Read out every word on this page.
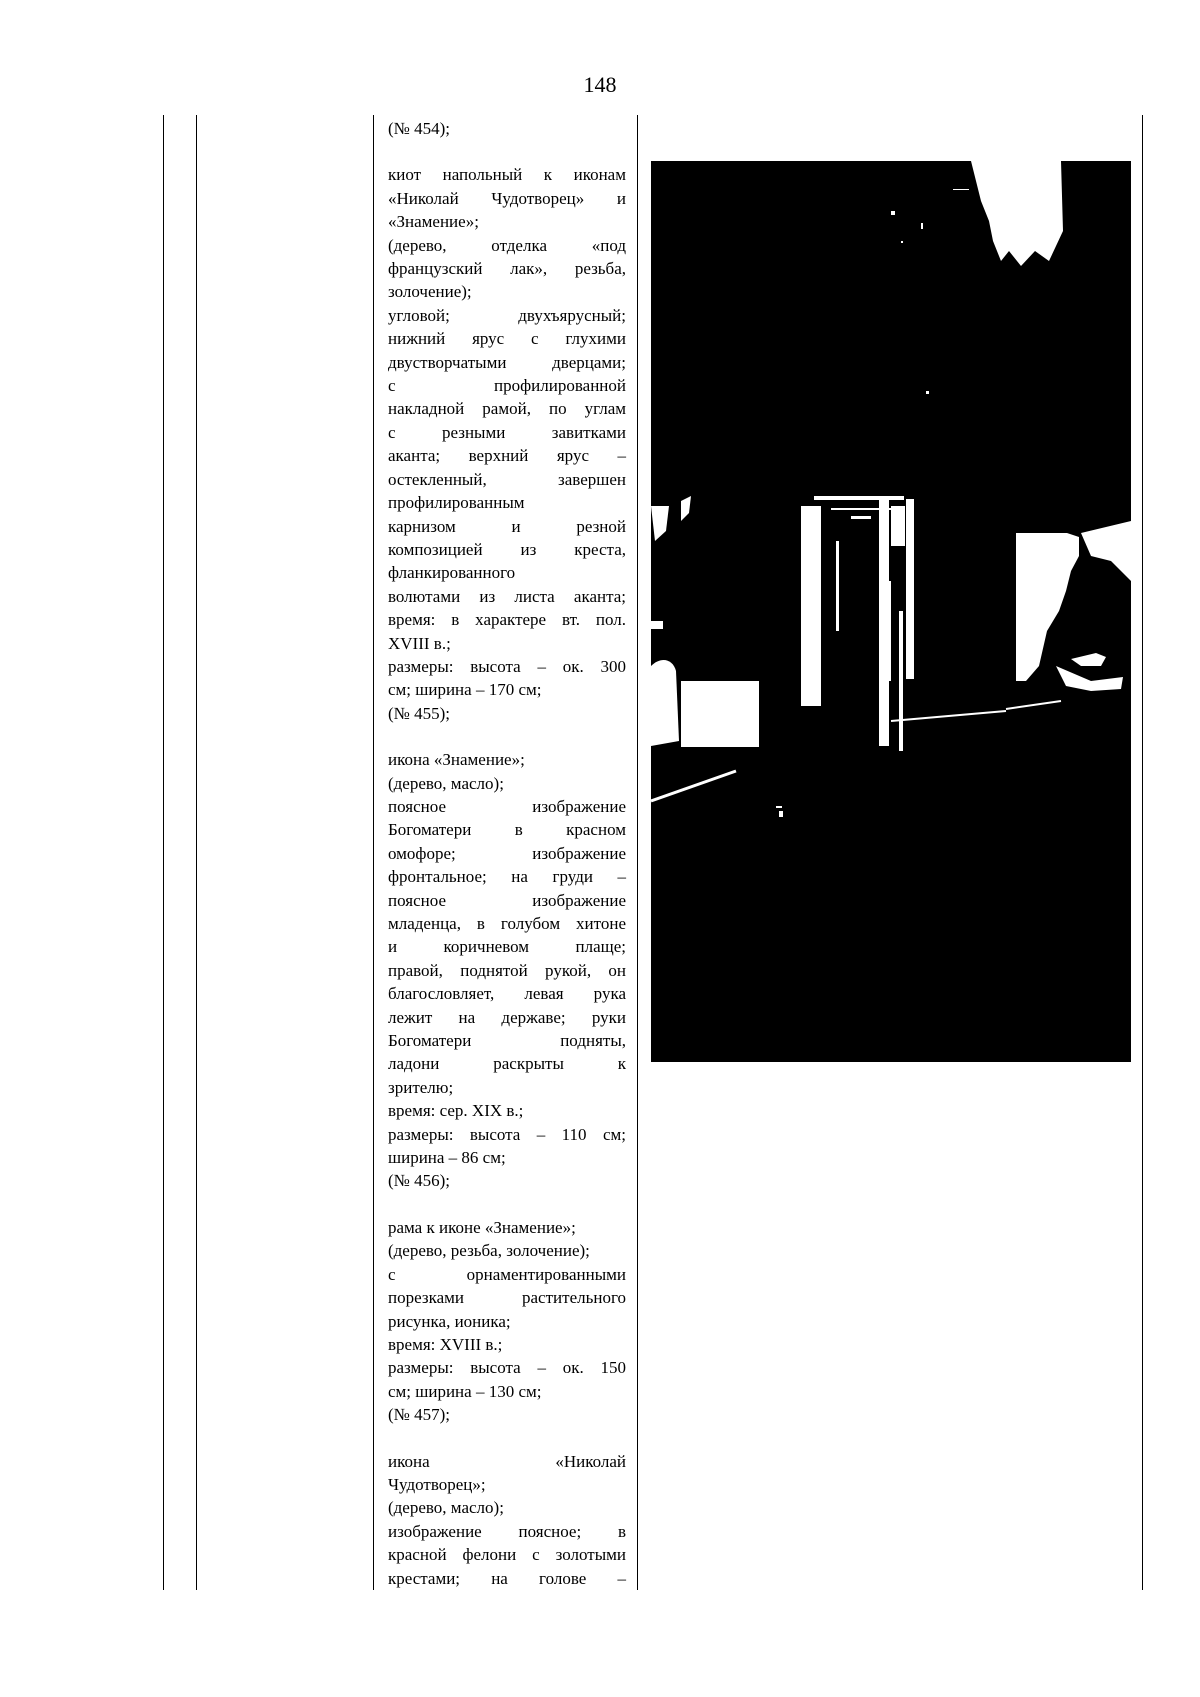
148
(№ 454);
киот напольный к иконам
«Николай Чудотворец» и
«Знамение»;
(дерево, отделка «под
французский лак», резьба,
золочение);
угловой; двухъярусный;
нижний ярус с глухими
двустворчатыми дверцами;
с профилированной
накладной рамой, по углам
с резными завитками
аканта; верхний ярус –
остекленный, завершен
профилированным
карнизом и резной
композицией из креста,
фланкированного
волютами из листа аканта;
время: в характере вт. пол.
XVIII в.;
размеры: высота – ок. 300
см; ширина – 170 см;
(№ 455);
икона «Знамение»;
(дерево, масло);
поясное изображение
Богоматери в красном
омофоре; изображение
фронтальное; на груди –
поясное изображение
младенца, в голубом хитоне
и коричневом плаще;
правой, поднятой рукой, он
благословляет, левая рука
лежит на державе; руки
Богоматери подняты,
ладони раскрыты к
зрителю;
время: сер. XIX в.;
размеры: высота – 110 см;
ширина – 86 см;
(№ 456);
рама к иконе «Знамение»;
(дерево, резьба, золочение);
с орнаментированными
порезками растительного
рисунка, ионика;
время: XVIII в.;
размеры: высота – ок. 150
см; ширина – 130 см;
(№ 457);
икона «Николай
Чудотворец»;
(дерево, масло);
изображение поясное; в
красной фелони с золотыми
крестами; на голове –
